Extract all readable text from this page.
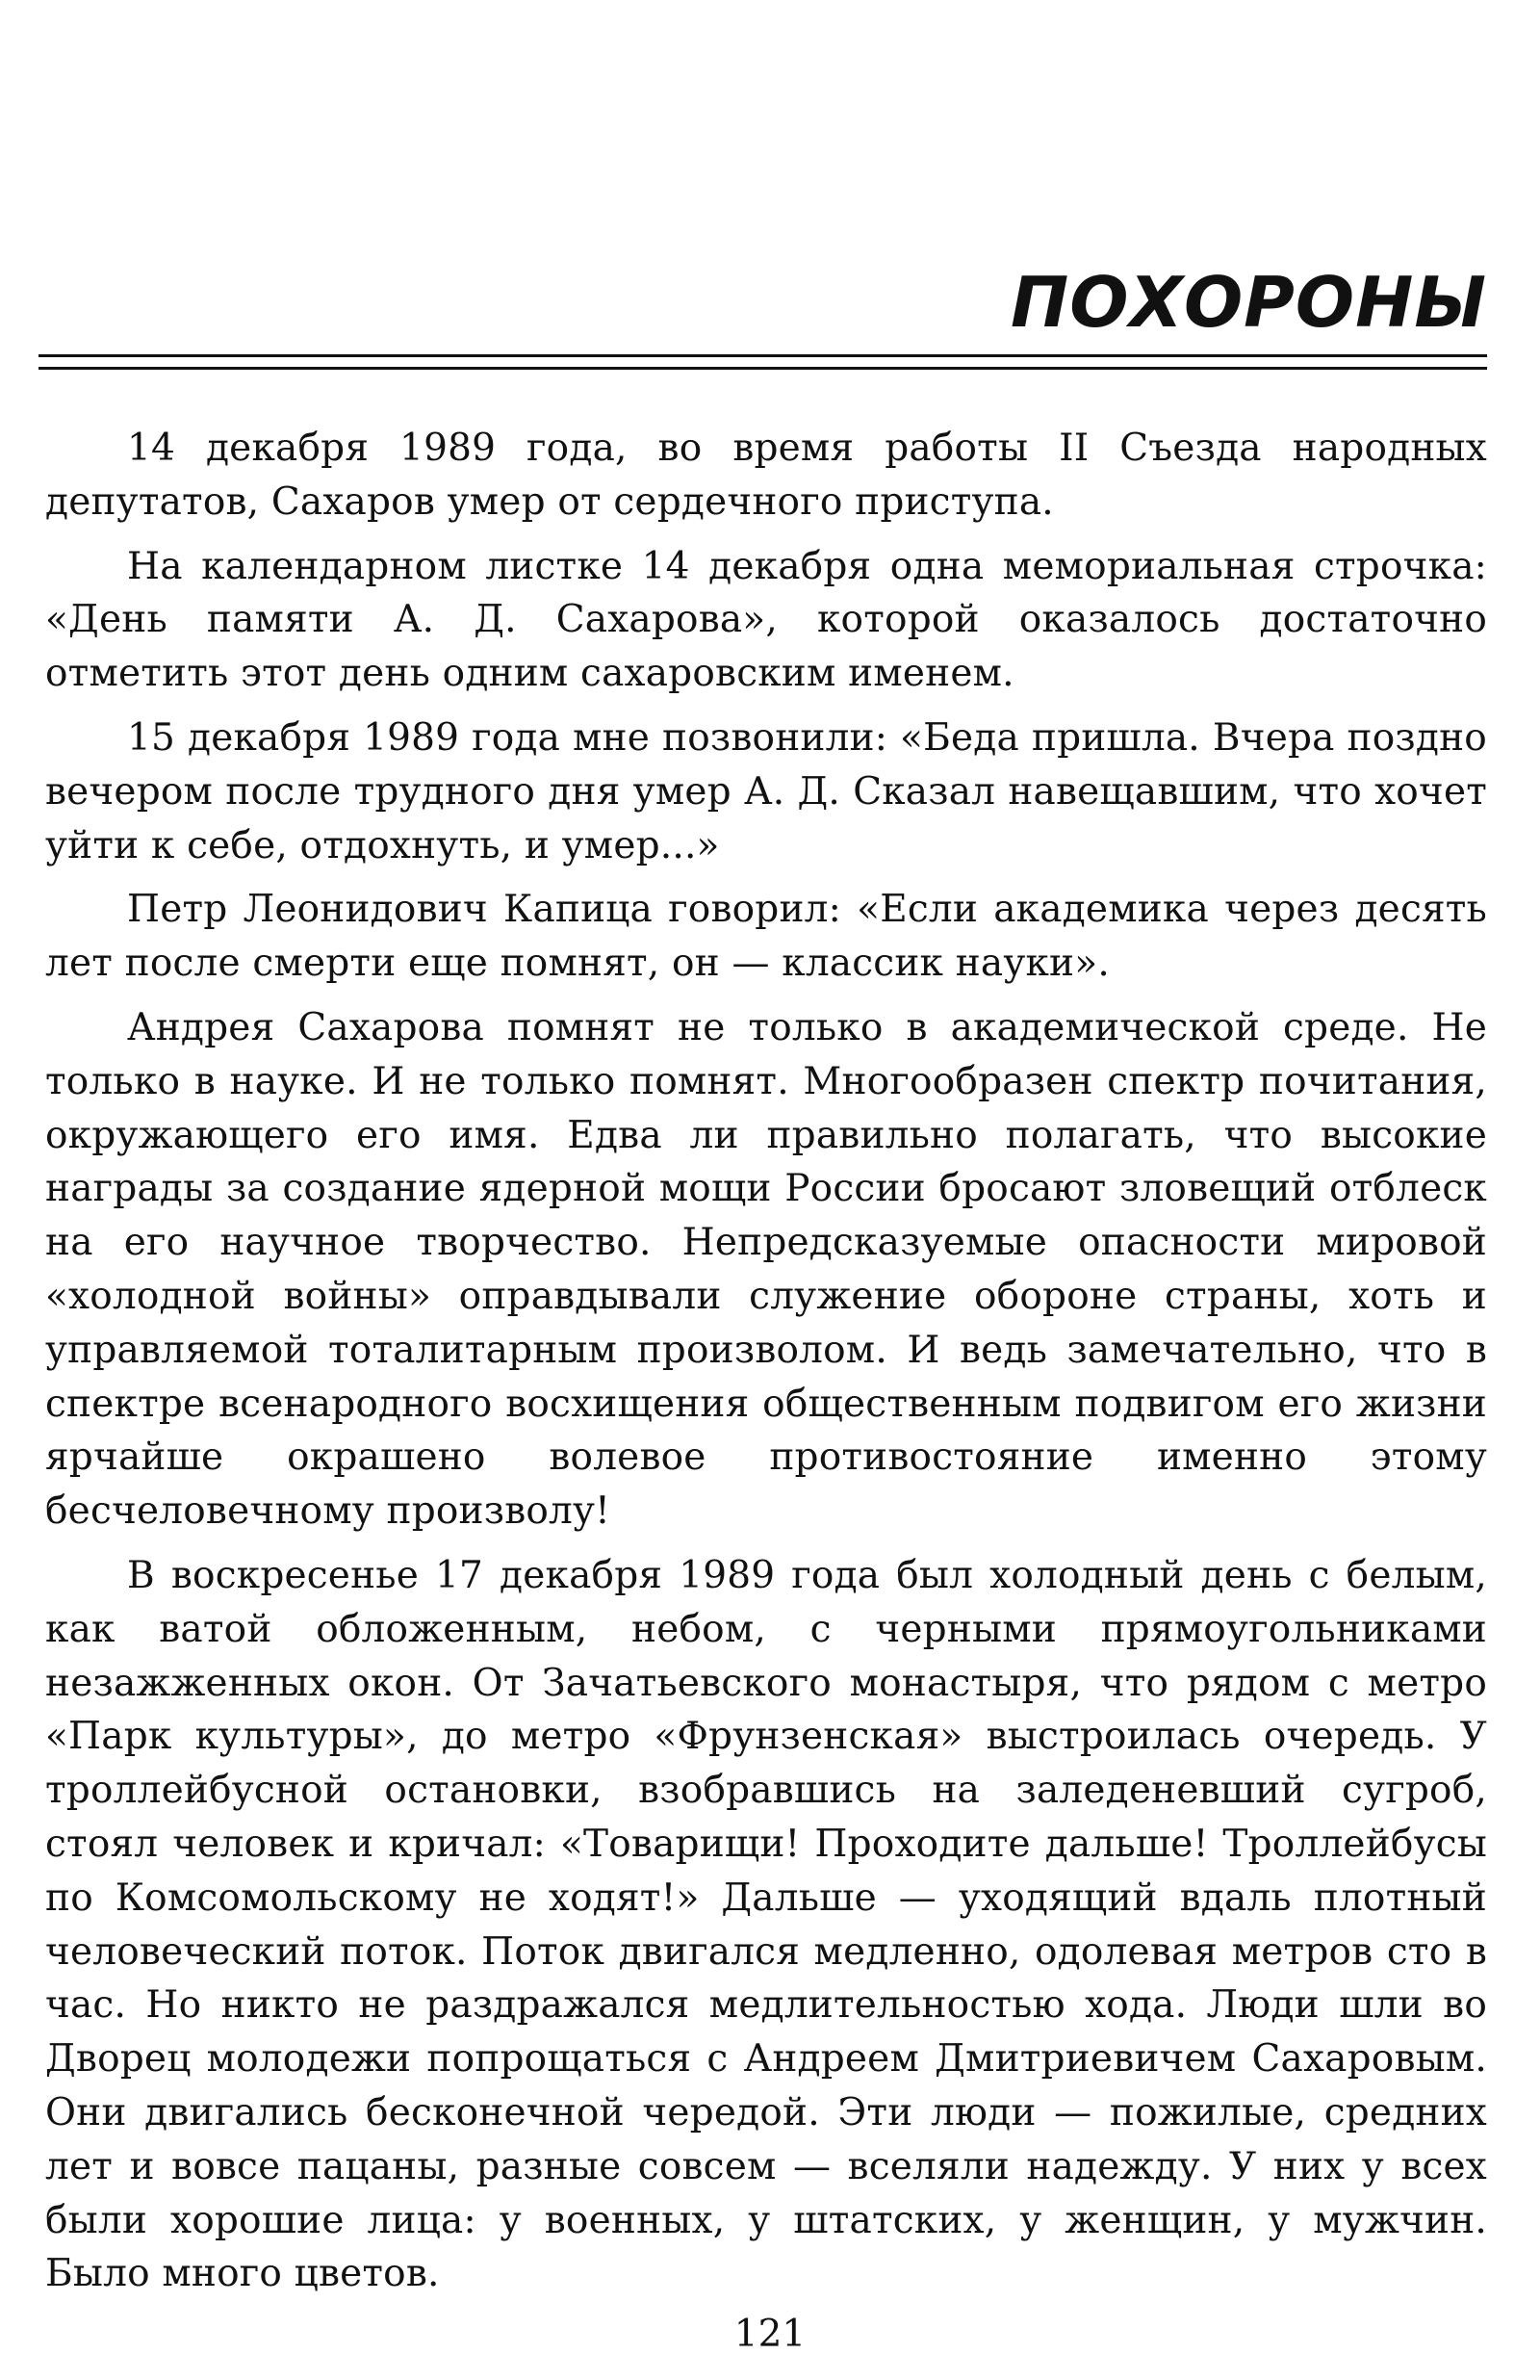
ПОХОРОНЫ

14 декабря 1989 года, во время работы II Съезда народных депутатов, Сахаров умер от сердечного приступа.

На календарном листке 14 декабря одна мемориальная строчка: «День памяти А. Д. Сахарова», которой оказалось достаточно отметить этот день одним сахаровским именем.

15 декабря 1989 года мне позвонили: «Беда пришла. Вчера поздно вечером после трудного дня умер А. Д. Сказал навещавшим, что хочет уйти к себе, отдохнуть, и умер...»

Петр Леонидович Капица говорил: «Если академика через десять лет после смерти еще помнят, он — классик науки».

Андрея Сахарова помнят не только в академической среде. Не только в науке. И не только помнят. Многообразен спектр почитания, окружающего его имя. Едва ли правильно полагать, что высокие награды за создание ядерной мощи России бросают зловещий отблеск на его научное творчество. Непредсказуемые опасности мировой «холодной войны» оправдывали служение обороне страны, хоть и управляемой тоталитарным произволом. И ведь замечательно, что в спектре всенародного восхищения общественным подвигом его жизни ярчайше окрашено волевое противостояние именно этому бесчеловечному произволу!

В воскресенье 17 декабря 1989 года был холодный день с белым, как ватой обложенным, небом, с черными прямоугольниками незажженных окон. От Зачатьевского монастыря, что рядом с метро «Парк культуры», до метро «Фрунзенская» выстроилась очередь. У троллейбусной остановки, взобравшись на заледеневший сугроб, стоял человек и кричал: «Товарищи! Проходите дальше! Троллейбусы по Комсомольскому не ходят!» Дальше — уходящий вдаль плотный человеческий поток. Поток двигался медленно, одолевая метров сто в час. Но никто не раздражался медлительностью хода. Люди шли во Дворец молодежи попрощаться с Андреем Дмитриевичем Сахаровым. Они двигались бесконечной чередой. Эти люди — пожилые, средних лет и вовсе пацаны, разные совсем — вселяли надежду. У них у всех были хорошие лица: у военных, у штатских, у женщин, у мужчин. Было много цветов.

121
